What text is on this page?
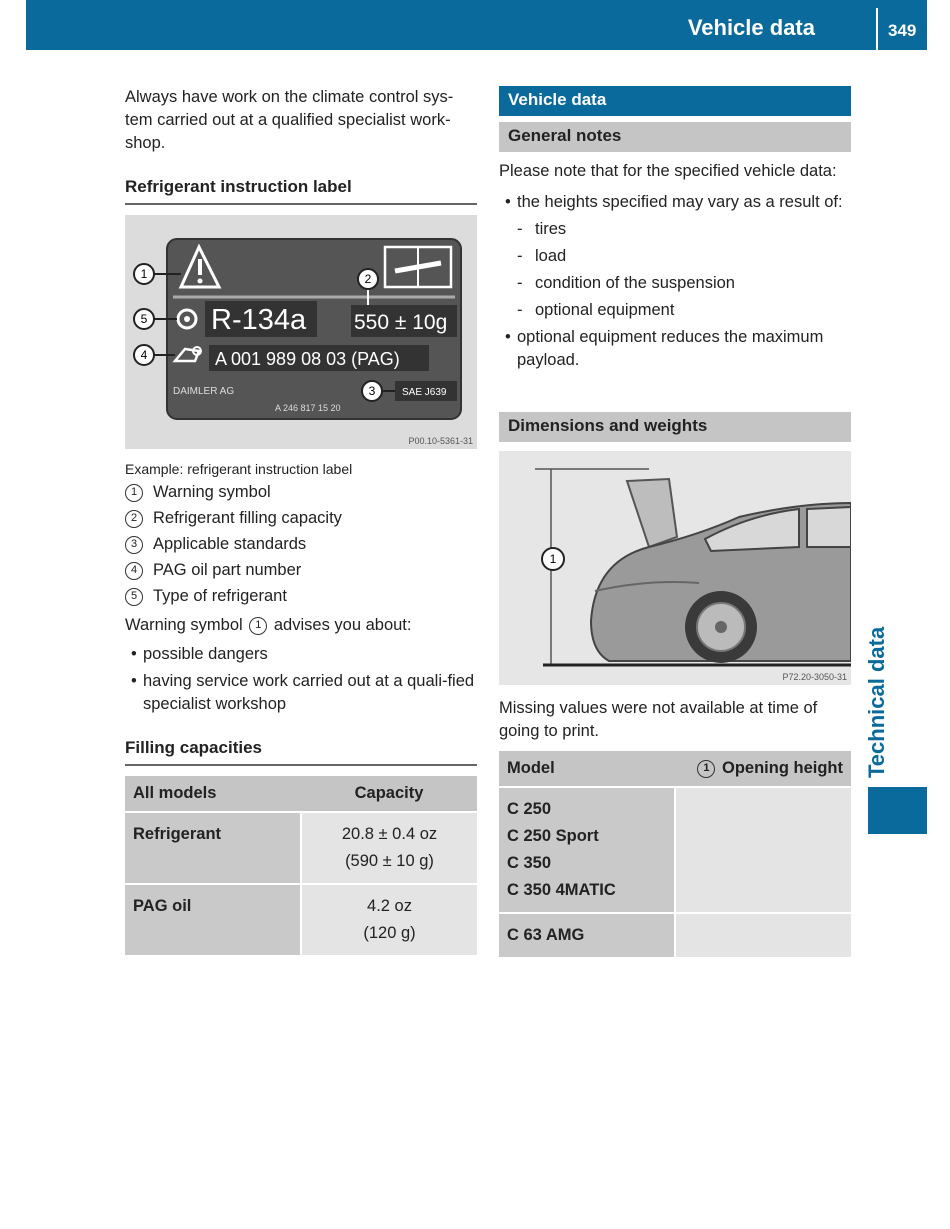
Vehicle data	349
Technical data

Always have work on the climate control sys-tem carried out at a qualified specialist work-shop.

Refrigerant instruction label
R-134a 550 ± 10g
A 001 989 08 03 (PAG)
DAIMLER AG
A 246 817 15 20
SAE J639
1	2
3
4
5
P00.10-5361-31
Example: refrigerant instruction label
1 Warning symbol
2 Refrigerant filling capacity
3 Applicable standards
4 PAG oil part number
5 Type of refrigerant

Warning symbol 1 advises you about:

• possible dangers
• having service work carried out at a quali-fied specialist workshop
Filling capacities
All models	Capacity
Refrigerant	20.8 ± 0.4 oz
(590 ± 10 g)

PAG oil	4.2 oz
(120 g)
Vehicle data
General notes

Please note that for the specified vehicle data:

• the heights specified may vary as a result of:
- tires
- load
- condition of the suspension
- optional equipment
• optional equipment reduces the maximum payload.
Dimensions and weights
1
P72.20-3050-31

Missing values were not available at time of going to print.

Model	1 Opening height

C 250
C 250 Sport
C 350
C 350 4MATIC	

C 63 AMG	
